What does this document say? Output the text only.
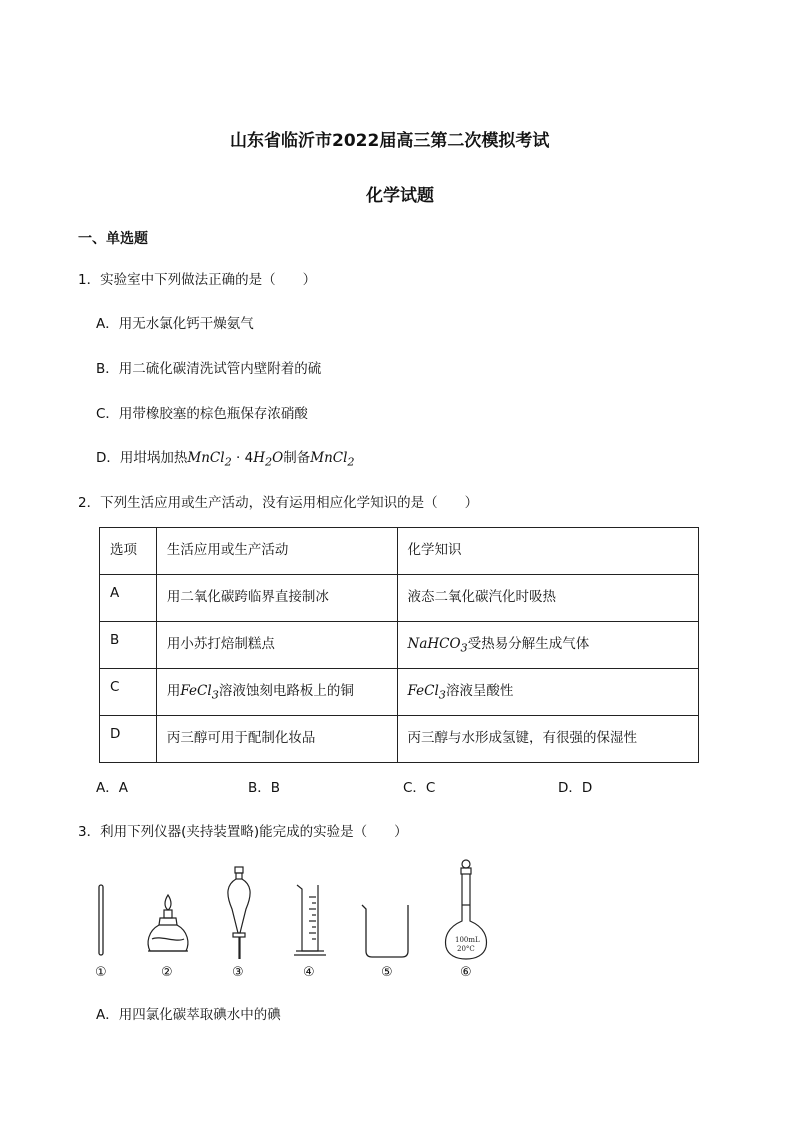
山东省临沂市2022届高三第二次模拟考试
化学试题
一、单选题
1．实验室中下列做法正确的是（　　）
A．用无水氯化钙干燥氨气
B．用二硫化碳清洗试管内壁附着的硫
C．用带橡胶塞的棕色瓶保存浓硝酸
D．用坩埚加热MnCl$_2$ · $4H_2O$制备MnCl$_2$
2．下列生活应用或生产活动，没有运用相应化学知识的是（　　）
选项	生活应用或生产活动	化学知识
A	用二氧化碳跨临界直接制冰	液态二氧化碳汽化时吸热
B	用小苏打焙制糕点	NaHCO$_3$受热易分解生成气体
C	用FeCl$_3$溶液蚀刻电路板上的铜	FeCl$_3$溶液呈酸性
D	丙三醇可用于配制化妆品	丙三醇与水形成氢键，有很强的保湿性
A．A	B．B	C．C	D．D
3．利用下列仪器(夹持装置略)能完成的实验是（　　）
100mL
20°C
①	②	③	④	⑤	⑥
A．用四氯化碳萃取碘水中的碘
